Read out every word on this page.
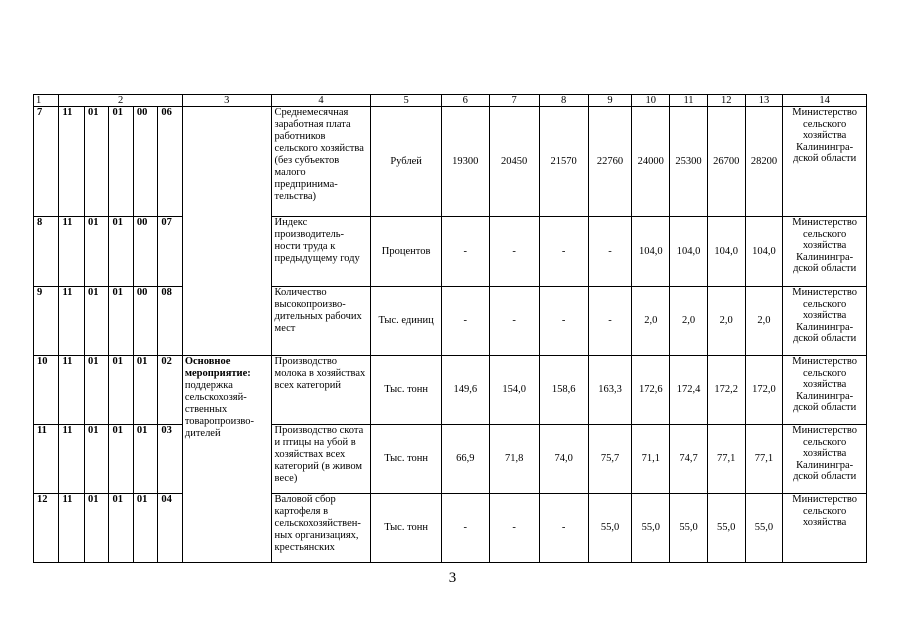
1	2					3	4	5	6	7	8	9	10	11	12	13	14
7	11	01	01	00	06		Среднемесячная заработная плата работников сельского хозяйства (без субъектов малого предпринима-тельства)	Рублей	19300	20450	21570	22760	24000	25300	26700	28200	Министерство сельского хозяйства Калинингра-дской области
8	11	01	01	00	07		Индекс производитель-ности труда к предыдущему году	Процентов	-	-	-	-	104,0	104,0	104,0	104,0	Министерство сельского хозяйства Калинингра-дской области
9	11	01	01	00	08		Количество высокопроизво-дительных рабочих мест	Тыс. единиц	-	-	-	-	2,0	2,0	2,0	2,0	Министерство сельского хозяйства Калинингра-дской области
10	11	01	01	01	02	Основное мероприятие:
поддержка сельскохозяй-ственных товаропроизво-дителей	Производство молока в хозяйствах всех категорий	Тыс. тонн	149,6	154,0	158,6	163,3	172,6	172,4	172,2	172,0	Министерство сельского хозяйства Калинингра-дской области
11	11	01	01	01	03		Производство скота и птицы на убой в хозяйствах всех категорий (в живом весе)	Тыс. тонн	66,9	71,8	74,0	75,7	71,1	74,7	77,1	77,1	Министерство сельского хозяйства Калинингра-дской области
12	11	01	01	01	04		Валовой сбор картофеля в сельскохозяйствен-ных организациях, крестьянских	Тыс. тонн	-	-	-	55,0	55,0	55,0	55,0	55,0	Министерство сельского хозяйства
3
